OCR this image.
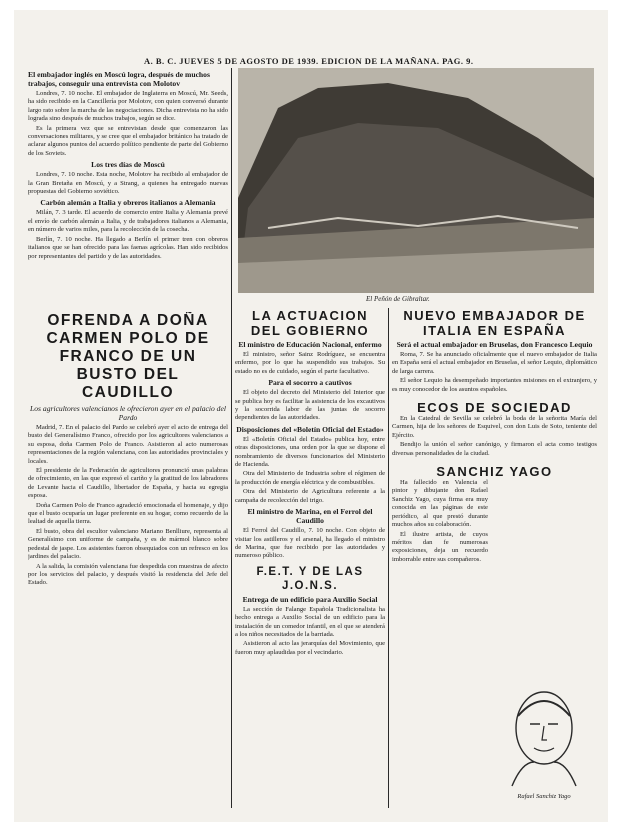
A. B. C. JUEVES 5 DE AGOSTO DE 1939. EDICION DE LA MAÑANA. PAG. 9.
El embajador inglés en Moscú logra, después de muchos trabajos, conseguir una entrevista con Molotov

Londres, 7. 10 noche. El embajador de Inglaterra en Moscú, Mr. Seeds, ha sido recibido en la Cancillería por Molotov, con quien conversó durante largo rato sobre la marcha de las negociaciones. Dicha entrevista no ha sido lograda sino después de muchos trabajos, según se dice.

Es la primera vez que se entrevistan desde que comenzaron las conversaciones militares, y se cree que el embajador británico ha tratado de aclarar algunos puntos del acuerdo político pendiente de parte del Gobierno de los Soviets.

Los tres días de Moscú

Londres, 7. 10 noche. Esta noche, Molotov ha recibido al embajador de la Gran Bretaña en Moscú, y a Strang, a quienes ha entregado nuevas propuestas del Gobierno soviético.

Carbón alemán a Italia y obreros italianos a Alemania

Milán, 7. 3 tarde. El acuerdo de comercio entre Italia y Alemania prevé el envío de carbón alemán a Italia, y de trabajadores italianos a Alemania, en número de varios miles, para la recolección de la cosecha.

Berlín, 7. 10 noche. Ha llegado a Berlín el primer tren con obreros italianos que se han ofrecido para las faenas agrícolas. Han sido recibidos por representantes del partido y de las autoridades.

OFRENDA A DOÑA CARMEN POLO DE FRANCO DE UN BUSTO DEL CAUDILLO
Los agricultores valencianos le ofrecieron ayer en el palacio del Pardo

Madrid, 7. En el palacio del Pardo se celebró ayer el acto de entrega del busto del Generalísimo Franco, ofrecido por los agricultores valencianos a su esposa, doña Carmen Polo de Franco. Asistieron al acto numerosas representaciones de la región valenciana, con las autoridades provinciales y locales.

El presidente de la Federación de agricultores pronunció unas palabras de ofrecimiento, en las que expresó el cariño y la gratitud de los labradores de Levante hacia el Caudillo, libertador de España, y hacia su egregia esposa.

Doña Carmen Polo de Franco agradeció emocionada el homenaje, y dijo que el busto ocuparía un lugar preferente en su hogar, como recuerdo de la lealtad de aquella tierra.

El busto, obra del escultor valenciano Mariano Benlliure, representa al Generalísimo con uniforme de campaña, y es de mármol blanco sobre pedestal de jaspe. Los asistentes fueron obsequiados con un refresco en los jardines del palacio.

A la salida, la comisión valenciana fue despedida con muestras de afecto por los servicios del palacio, y después visitó la residencia del Jefe del Estado.

El Peñón de Gibraltar.
LA ACTUACION DEL GOBIERNO
El ministro de Educación Nacional, enfermo

El ministro, señor Sainz Rodríguez, se encuentra enfermo, por lo que ha suspendido sus trabajos. Su estado no es de cuidado, según el parte facultativo.

Para el socorro a cautivos

El objeto del decreto del Ministerio del Interior que se publica hoy es facilitar la asistencia de los excautivos y la socorrida labor de las juntas de socorro dependientes de las autoridades.

Disposiciones del «Boletín Oficial del Estado»

El «Boletín Oficial del Estado» publica hoy, entre otras disposiciones, una orden por la que se dispone el nombramiento de diversos funcionarios del Ministerio de Hacienda.

Otra del Ministerio de Industria sobre el régimen de la producción de energía eléctrica y de combustibles.

Otra del Ministerio de Agricultura referente a la campaña de recolección del trigo.

El ministro de Marina, en el Ferrol del Caudillo

El Ferrol del Caudillo, 7. 10 noche. Con objeto de visitar los astilleros y el arsenal, ha llegado el ministro de Marina, que fue recibido por las autoridades y numeroso público.

F.E.T. Y DE LAS J.O.N.S.
Entrega de un edificio para Auxilio Social

La sección de Falange Española Tradicionalista ha hecho entrega a Auxilio Social de un edificio para la instalación de un comedor infantil, en el que se atenderá a los niños necesitados de la barriada.

Asistieron al acto las jerarquías del Movimiento, que fueron muy aplaudidas por el vecindario.

NUEVO EMBAJADOR DE ITALIA EN ESPAÑA
Será el actual embajador en Bruselas, don Francesco Lequio

Roma, 7. Se ha anunciado oficialmente que el nuevo embajador de Italia en España será el actual embajador en Bruselas, el señor Lequio, diplomático de larga carrera.

El señor Lequio ha desempeñado importantes misiones en el extranjero, y es muy conocedor de los asuntos españoles.

ECOS DE SOCIEDAD

En la Catedral de Sevilla se celebró la boda de la señorita María del Carmen, hija de los señores de Esquivel, con don Luis de Soto, teniente del Ejército.

Bendijo la unión el señor canónigo, y firmaron el acta como testigos diversas personalidades de la ciudad.

SANCHIZ YAGO

Ha fallecido en Valencia el pintor y dibujante don Rafael Sanchiz Yago, cuya firma era muy conocida en las páginas de este periódico, al que prestó durante muchos años su colaboración.

El ilustre artista, de cuyos méritos dan fe numerosas exposiciones, deja un recuerdo imborrable entre sus compañeros.

Rafael Sanchiz Yago
